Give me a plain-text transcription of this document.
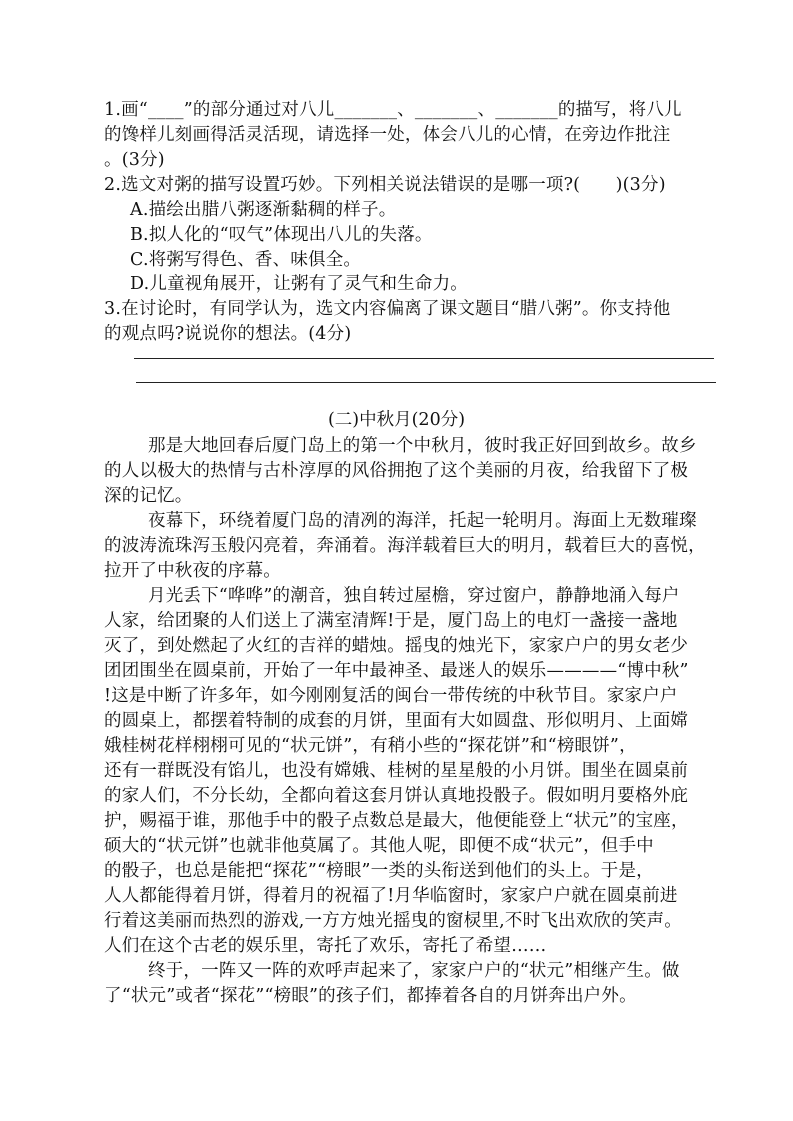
1.画“____”的部分通过对八儿_______、_______、_______的描写，将八儿
的馋样儿刻画得活灵活现，请选择一处，体会八儿的心情，在旁边作批注
。(3分)
2.选文对粥的描写设置巧妙。下列相关说法错误的是哪一项?(　　)(3分)
A.描绘出腊八粥逐渐黏稠的样子。
B.拟人化的“叹气”体现出八儿的失落。
C.将粥写得色、香、味俱全。
D.儿童视角展开，让粥有了灵气和生命力。
3.在讨论时，有同学认为，选文内容偏离了课文题目“腊八粥”。你支持他
的观点吗?说说你的想法。(4分)
(二)中秋月(20分)
那是大地回春后厦门岛上的第一个中秋月，彼时我正好回到故乡。故乡
的人以极大的热情与古朴淳厚的风俗拥抱了这个美丽的月夜，给我留下了极
深的记忆。
夜幕下，环绕着厦门岛的清冽的海洋，托起一轮明月。海面上无数璀璨
的波涛流珠泻玉般闪亮着，奔涌着。海洋载着巨大的明月，载着巨大的喜悦，
拉开了中秋夜的序幕。
月光丢下“哗哗”的潮音，独自转过屋檐，穿过窗户，静静地涌入每户
人家，给团聚的人们送上了满室清辉!于是，厦门岛上的电灯一盏接一盏地
灭了，到处燃起了火红的吉祥的蜡烛。摇曳的烛光下，家家户户的男女老少
团团围坐在圆桌前，开始了一年中最神圣、最迷人的娱乐————“博中秋”
!这是中断了许多年，如今刚刚复活的闽台一带传统的中秋节目。家家户户
的圆桌上，都摆着特制的成套的月饼，里面有大如圆盘、形似明月、上面嫦
娥桂树花样栩栩可见的“状元饼”，有稍小些的“探花饼”和“榜眼饼”，
还有一群既没有馅儿，也没有嫦娥、桂树的星星般的小月饼。围坐在圆桌前
的家人们，不分长幼，全都向着这套月饼认真地投骰子。假如明月要格外庇
护，赐福于谁，那他手中的骰子点数总是最大，他便能登上“状元”的宝座，
硕大的“状元饼”也就非他莫属了。其他人呢，即便不成“状元”，但手中
的骰子，也总是能把“探花”“榜眼”一类的头衔送到他们的头上。于是，
人人都能得着月饼，得着月的祝福了!月华临窗时，家家户户就在圆桌前进
行着这美丽而热烈的游戏,一方方烛光摇曳的窗棂里,不时飞出欢欣的笑声。
人们在这个古老的娱乐里，寄托了欢乐，寄托了希望……
终于，一阵又一阵的欢呼声起来了，家家户户的“状元”相继产生。做
了“状元”或者“探花”“榜眼”的孩子们，都捧着各自的月饼奔出户外。
